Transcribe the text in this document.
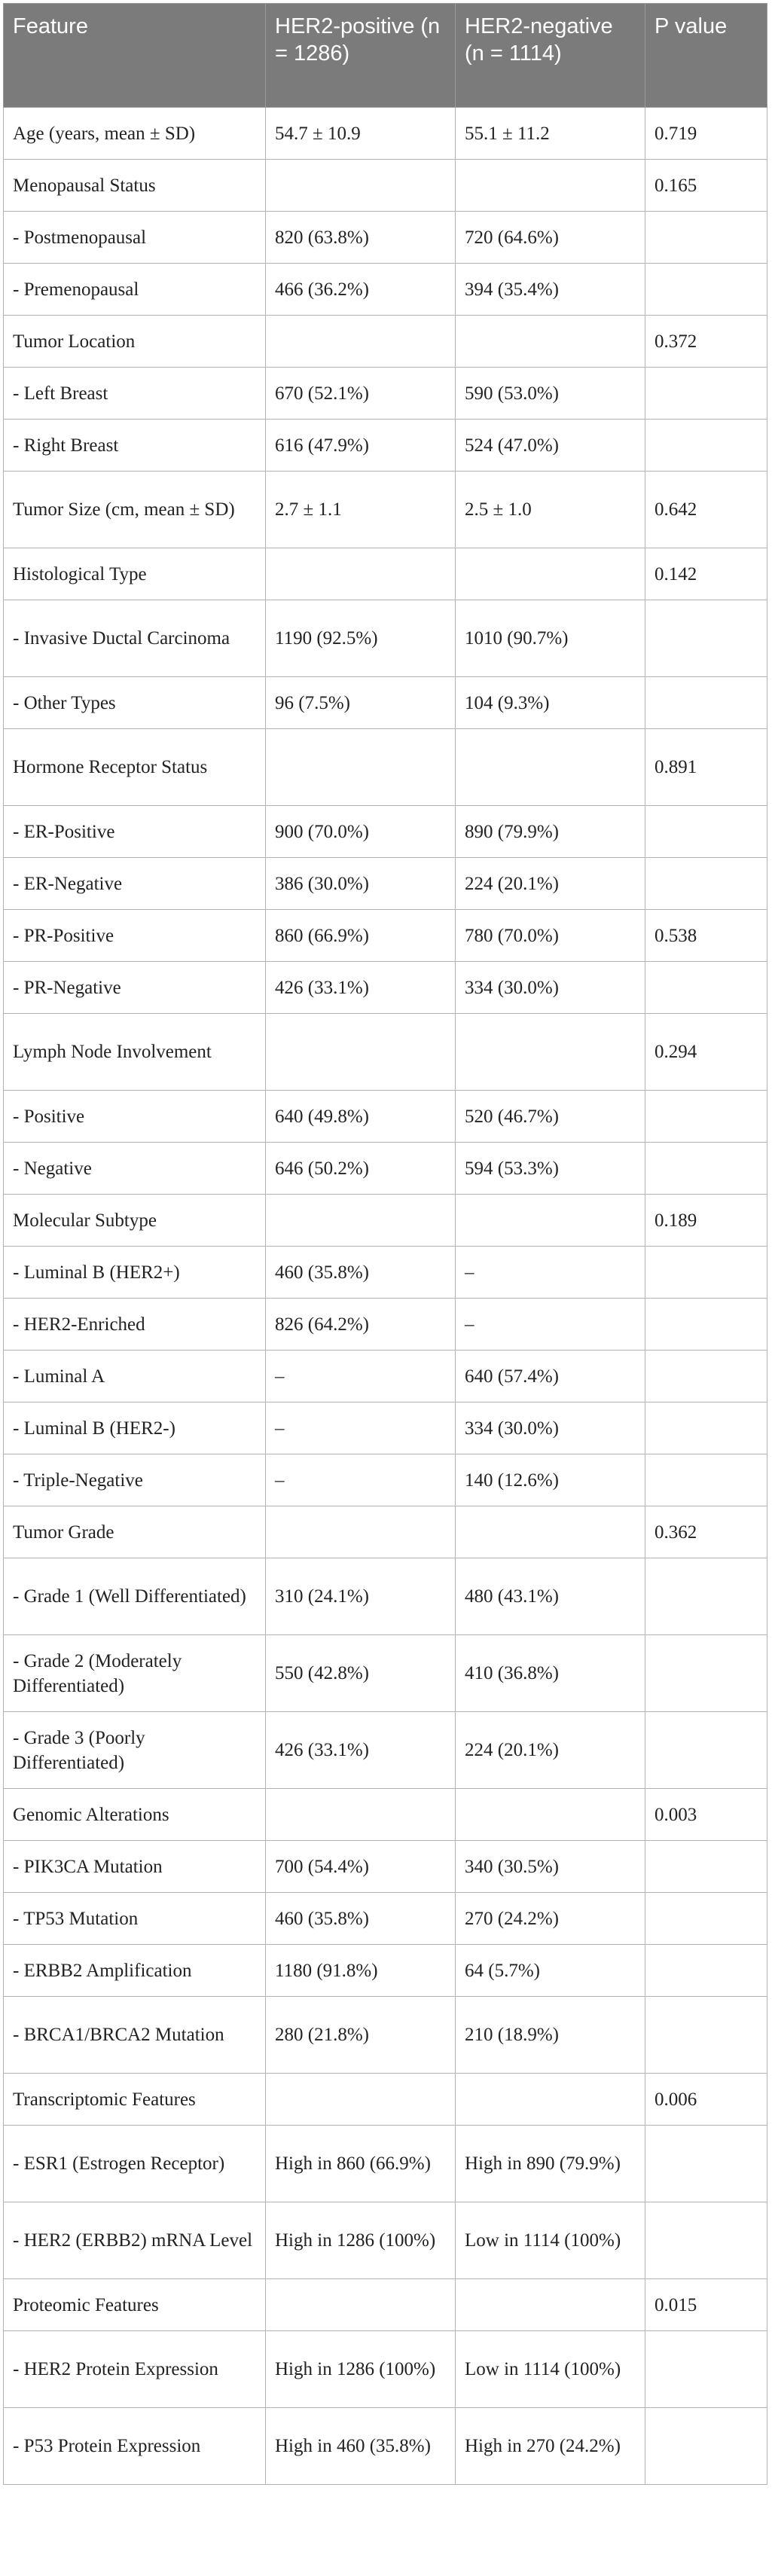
Feature	HER2-positive (n = 1286)	HER2-negative (n = 1114)	P value
Age (years, mean ± SD)	54.7 ± 10.9	55.1 ± 11.2	0.719
Menopausal Status			0.165
- Postmenopausal	820 (63.8%)	720 (64.6%)	
- Premenopausal	466 (36.2%)	394 (35.4%)	
Tumor Location			0.372
- Left Breast	670 (52.1%)	590 (53.0%)	
- Right Breast	616 (47.9%)	524 (47.0%)	
Tumor Size (cm, mean ± SD)	2.7 ± 1.1	2.5 ± 1.0	0.642
Histological Type			0.142
- Invasive Ductal Carcinoma	1190 (92.5%)	1010 (90.7%)	
- Other Types	96 (7.5%)	104 (9.3%)	
Hormone Receptor Status			0.891
- ER-Positive	900 (70.0%)	890 (79.9%)	
- ER-Negative	386 (30.0%)	224 (20.1%)	
- PR-Positive	860 (66.9%)	780 (70.0%)	0.538
- PR-Negative	426 (33.1%)	334 (30.0%)	
Lymph Node Involvement			0.294
- Positive	640 (49.8%)	520 (46.7%)	
- Negative	646 (50.2%)	594 (53.3%)	
Molecular Subtype			0.189
- Luminal B (HER2+)	460 (35.8%)	–	
- HER2-Enriched	826 (64.2%)	–	
- Luminal A	–	640 (57.4%)	
- Luminal B (HER2-)	–	334 (30.0%)	
- Triple-Negative	–	140 (12.6%)	
Tumor Grade			0.362
- Grade 1 (Well Differentiated)	310 (24.1%)	480 (43.1%)	
- Grade 2 (Moderately Differentiated)	550 (42.8%)	410 (36.8%)	
- Grade 3 (Poorly Differentiated)	426 (33.1%)	224 (20.1%)	
Genomic Alterations			0.003
- PIK3CA Mutation	700 (54.4%)	340 (30.5%)	
- TP53 Mutation	460 (35.8%)	270 (24.2%)	
- ERBB2 Amplification	1180 (91.8%)	64 (5.7%)	
- BRCA1/BRCA2 Mutation	280 (21.8%)	210 (18.9%)	
Transcriptomic Features			0.006
- ESR1 (Estrogen Receptor)	High in 860 (66.9%)	High in 890 (79.9%)	
- HER2 (ERBB2) mRNA Level	High in 1286 (100%)	Low in 1114 (100%)	
Proteomic Features			0.015
- HER2 Protein Expression	High in 1286 (100%)	Low in 1114 (100%)	
- P53 Protein Expression	High in 460 (35.8%)	High in 270 (24.2%)	
